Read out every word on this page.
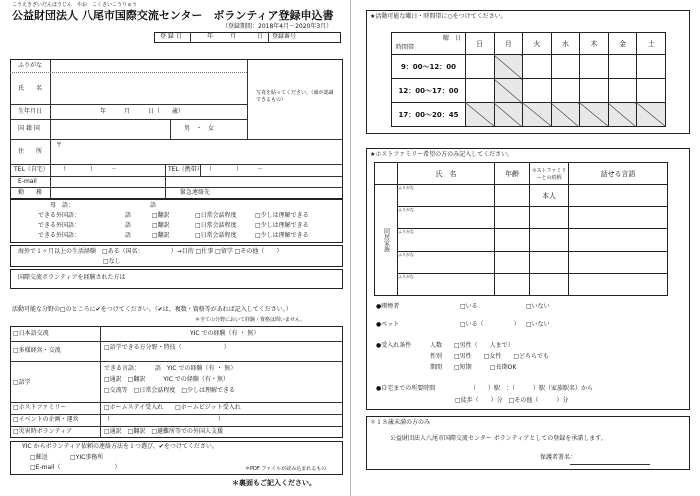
こうえきざいだんほうじん　やお　こくさいこうりゅう
公益財団法人 八尾市国際交流センター　ボランティア登録申込書
（登録期間：2018年4月～2020年3月）
登 録 日	年	月	日 登録番号
ふりがな
氏　　名
生年月日	年　　　月　　　日（　　歳）
国 籍 国	男　・　女
写真を貼ってください。（顔が認識できるもの）
住　　所
〒
TEL（自宅） （　　　　）　　　－	TEL（携帯） （　　　　）　　　－
E-mail
勤　　務	緊急連絡先
母　語：	語
できる外国語：	語	□翻訳	□日常会話程度	□少しは理解できる
できる外国語：	語	□翻訳	□日常会話程度	□少しは理解できる
できる外国語：	語	□翻訳	□日常会話程度	□少しは理解できる
海外で１ヶ月以上の生活経験　□ある（国名：　　　　　）→目的 □仕事 □留学 □その他（　　）
□なし
国際交流ボランティアを経験された方は
活動可能な分野の□のところに✔をつけてください。（✔は、複数・資格等があれば記入してください。）
＊全ての分野において経験・資格は問いません。
□日本語交流	YIC での経験（有 ・ 無）
□多様経営・交流	□語学できる方分野・特技（　　　　　　　）
□語学
できる言語：　　　語　YIC での経験（有 ・ 無）
□通訳　□翻訳　　　YIC での経験（有・無）
□交流等　□日常会話程度　□少しは理解できる
□ホストファミリー	□ホームステイ受入れ　　□ホームビジット受入れ
□イベントの企画・運営	（　　　　　　　　　　　　　　　　　　）
□災害時ボランティア	□通訳　□翻訳　□避難所等での外国人支援
YIC からボランティア依頼の連絡方法を１つ選び、✔をつけてください。
□郵送	□YIC事務所
□E-mail（　　　　　　　　　）	＊PDF ファイルが読み込まれるもの
＊裏面もご記入ください。
★活動可能な曜日・時間帯に○をつけてください。
曜　日
時間帯	日	月	火	水	木	金	土
9：00～12：00							
12：00～17：00							
17：00～20：45							
★ホストファミリー希望の方のみ記入してください。
	氏　名	年齢	ホストファミリーとの続柄	話せる言語
同居家族	ふりがな		本人	
	ふりがな			
	ふりがな			
	ふりがな			
	ふりがな			
●喫煙者	□いる	□いない
●ペット	□いる（　　　　　） □いない
●受入れ条件	人数　　□男性（　　人まで）
性別　　□男性　　□女性　　□どちらでも
期間　　□短期	□長期OK
●自宅までの所要時間	（　　）駅　：（　　　）駅（家族駅名）から
□徒歩（　　）分　□その他（　　　）分
＊１８歳未満の方のみ
公益財団法人八尾市国際交流センター ボランティアとしての登録を承諾します。
保護者署名：
